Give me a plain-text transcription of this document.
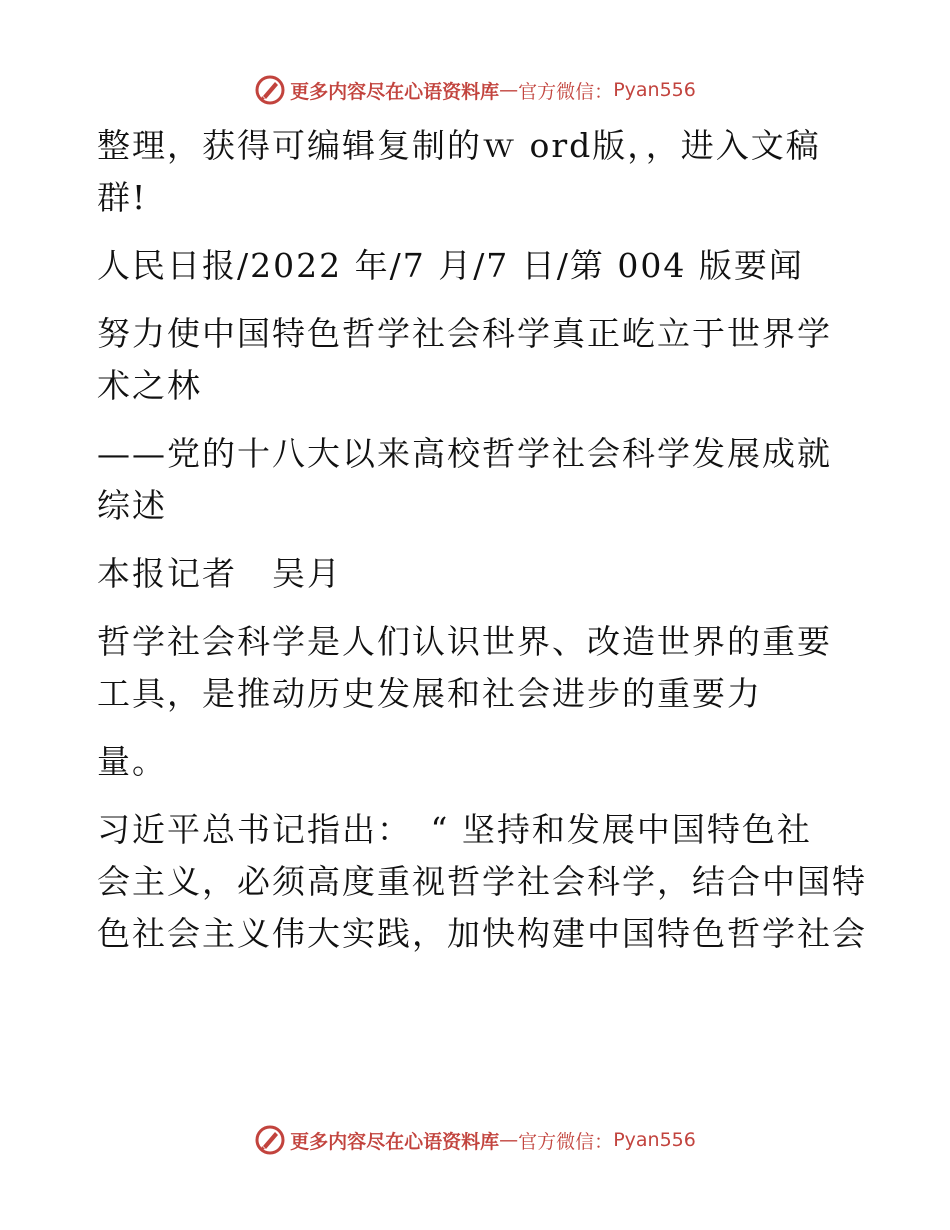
更多内容尽在心语资料库 — 官方微信： Pyan556

整理，获得可编辑复制的ｗ ord版，，进入文稿
群!

人民日报/2022 年/7 月/7 日/第 004 版要闻

努力使中国特色哲学社会科学真正屹立于世界学
术之林

——党的十八大以来高校哲学社会科学发展成就
综述

本报记者　吴月

哲学社会科学是人们认识世界、改造世界的重要
工具，是推动历史发展和社会进步的重要力

量。

习近平总书记指出：　“ 坚持和发展中国特色社
会主义，必须高度重视哲学社会科学，结合中国特
色社会主义伟大实践，加快构建中国特色哲学社会

更多内容尽在心语资料库 — 官方微信： Pyan556
